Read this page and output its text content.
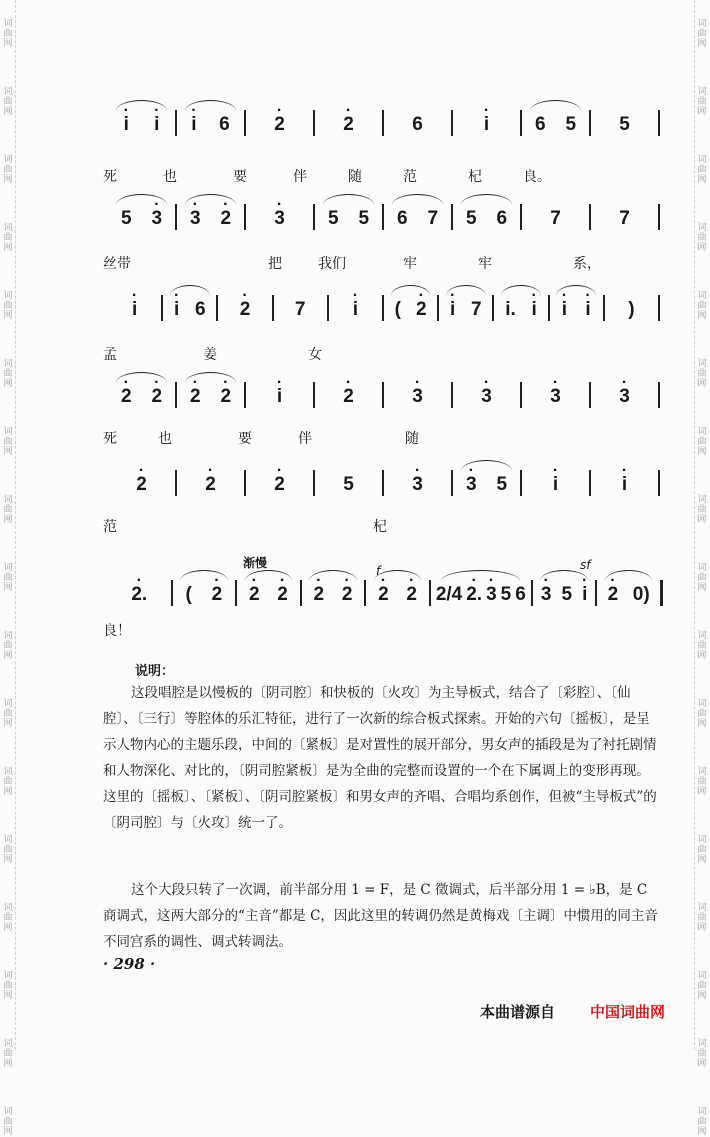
词
曲
网
词
曲
网
词
曲
网
词
曲
网
词
曲
网
词
曲
网
词
曲
网
词
曲
网
词
曲
网
词
曲
网
词
曲
网
词
曲
网
词
曲
网
词
曲
网
词
曲
网
词
曲
网
词
曲
网
词
曲
网
词
曲
网
词
曲
网
词
曲
网
词
曲
网
词
曲
网
词
曲
网
词
曲
网
词
曲
网
词
曲
网
词
曲
网
词
曲
网
词
曲
网
词
曲
网
词
曲
网
词
曲
网
词
曲
网
· i · i · i 6 · 2	· 2	6	· i 6 5 5
死	也	要	伴	随	范	杞	良。
5 · 3 · 3 · 2 · 3 5 5 6 7 5 6 7	7
丝带	把	我们	牢	牢	系，
· i · i 6 · 2 7 · i ( · 2 · i 7 i. · i · i · i )
孟	姜	女
· 2 · 2 · 2 · 2 · i	· 2	· 3	· 3	· 3	· 3
死	也	要	伴	随
· 2	· 2	· 2	5	· 3 · 3 5 · i	· i
范	杞
渐慢
f	sf
· 2. ( · 2 · 2 · 2 · 2 · 2 · 2 · 2 2/4 · 2. · 3 5 6 · 3 5 · i · 2 0)
良！
说明：
这段唱腔是以慢板的〔阴司腔〕和快板的〔火攻〕为主导板式，结合了〔彩腔〕、〔仙腔〕、〔三行〕等腔体的乐汇特征，进行了一次新的综合板式探索。开始的六句〔摇板〕，是呈示人物内心的主题乐段，中间的〔紧板〕是对置性的展开部分，男女声的插段是为了衬托剧情和人物深化、对比的，〔阴司腔紧板〕是为全曲的完整而设置的一个在下属调上的变形再现。这里的〔摇板〕、〔紧板〕、〔阴司腔紧板〕和男女声的齐唱、合唱均系创作，但被“主导板式”的〔阴司腔〕与〔火攻〕统一了。
这个大段只转了一次调，前半部分用 1 = F，是 C 徵调式，后半部分用 1 = ♭B，是 C 商调式，这两大部分的“主音”都是 C，因此这里的转调仍然是黄梅戏〔主调〕中惯用的同主音不同宫系的调性、调式转调法。
· 298 ·
本曲谱源自 中国词曲网
